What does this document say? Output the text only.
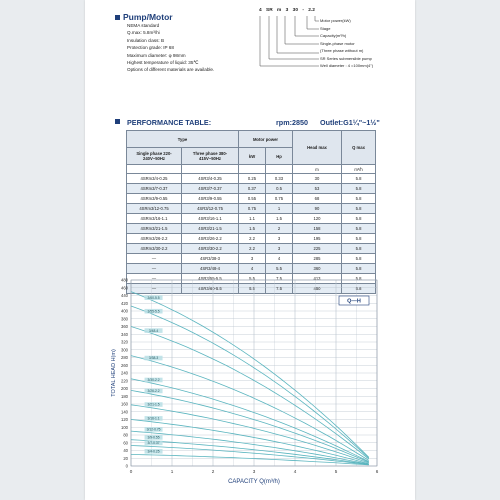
Pump/Motor
NEMA standard
Q.max: 5.8m³/hi
Insulation class: B
Protection grade: IP 68
Maximum diameter: φ 98mm
Highest temperature of liquid: 35℃
Options of different materials are available.
4 SR m 3 30 - 2.2
Motor power(kW)
Stage
Capacity(m³/h)
Single-phase motor
(Three phase without m)
SR Series submersible pump
Well diameter : 4 =100mm(4")
PERFORMANCE TABLE:	rpm:2850 Outlet:G1¼"~1½"
Type		Motor power		Head max	Q max
Single phase 220-240V~50Hz	Three phase 380-415V~50Hz	kW	Hp		
				m	m³/h
4SRm3/4-0.25	4SR3/4-0.25	0.25	0.33	30	5.8
4SRm3/7-0.37	4SR3/7-0.37	0.37	0.5	53	5.8
4SRm3/9-0.55	4SR3/9-0.55	0.55	0.75	68	5.8
4SRm3/12-0.75	4SR3/12-0.75	0.75	1	90	5.8
4SRm3/16-1.1	4SR3/16-1.1	1.1	1.5	120	5.8
4SRm3/21-1.5	4SR3/21-1.5	1.5	2	158	5.8
4SRm3/26-2.2	4SR3/26-2.2	2.2	3	195	5.8
4SRm3/30-2.2	4SR3/30-2.2	2.2	3	225	5.8
—	4SR3/38-3	3	4	285	5.8
—	4SR3/48-4	4	5.5	360	5.8
—	4SR3/55-5.5	5.5	7.5	413	5.8
—	4SR3/60-5.5	5.5	7.5	450	5.8
0
20
40
60
80
100
120
140
160
180
200
220
240
260
280
300
320
340
360
380
400
420
440
460
480
0	1	2	3	4	5	6
CAPACITY Q(m³/h)
TOTAL HEAD H(m)
Q—H
3/60-5.5
3/55-5.5
3/48-4
3/38-3
3/30-2.2
3/26-2.2
3/21-1.5
3/16-1.1
3/12-0.75
3/9-0.55
3/7-0.37
3/4-0.25
